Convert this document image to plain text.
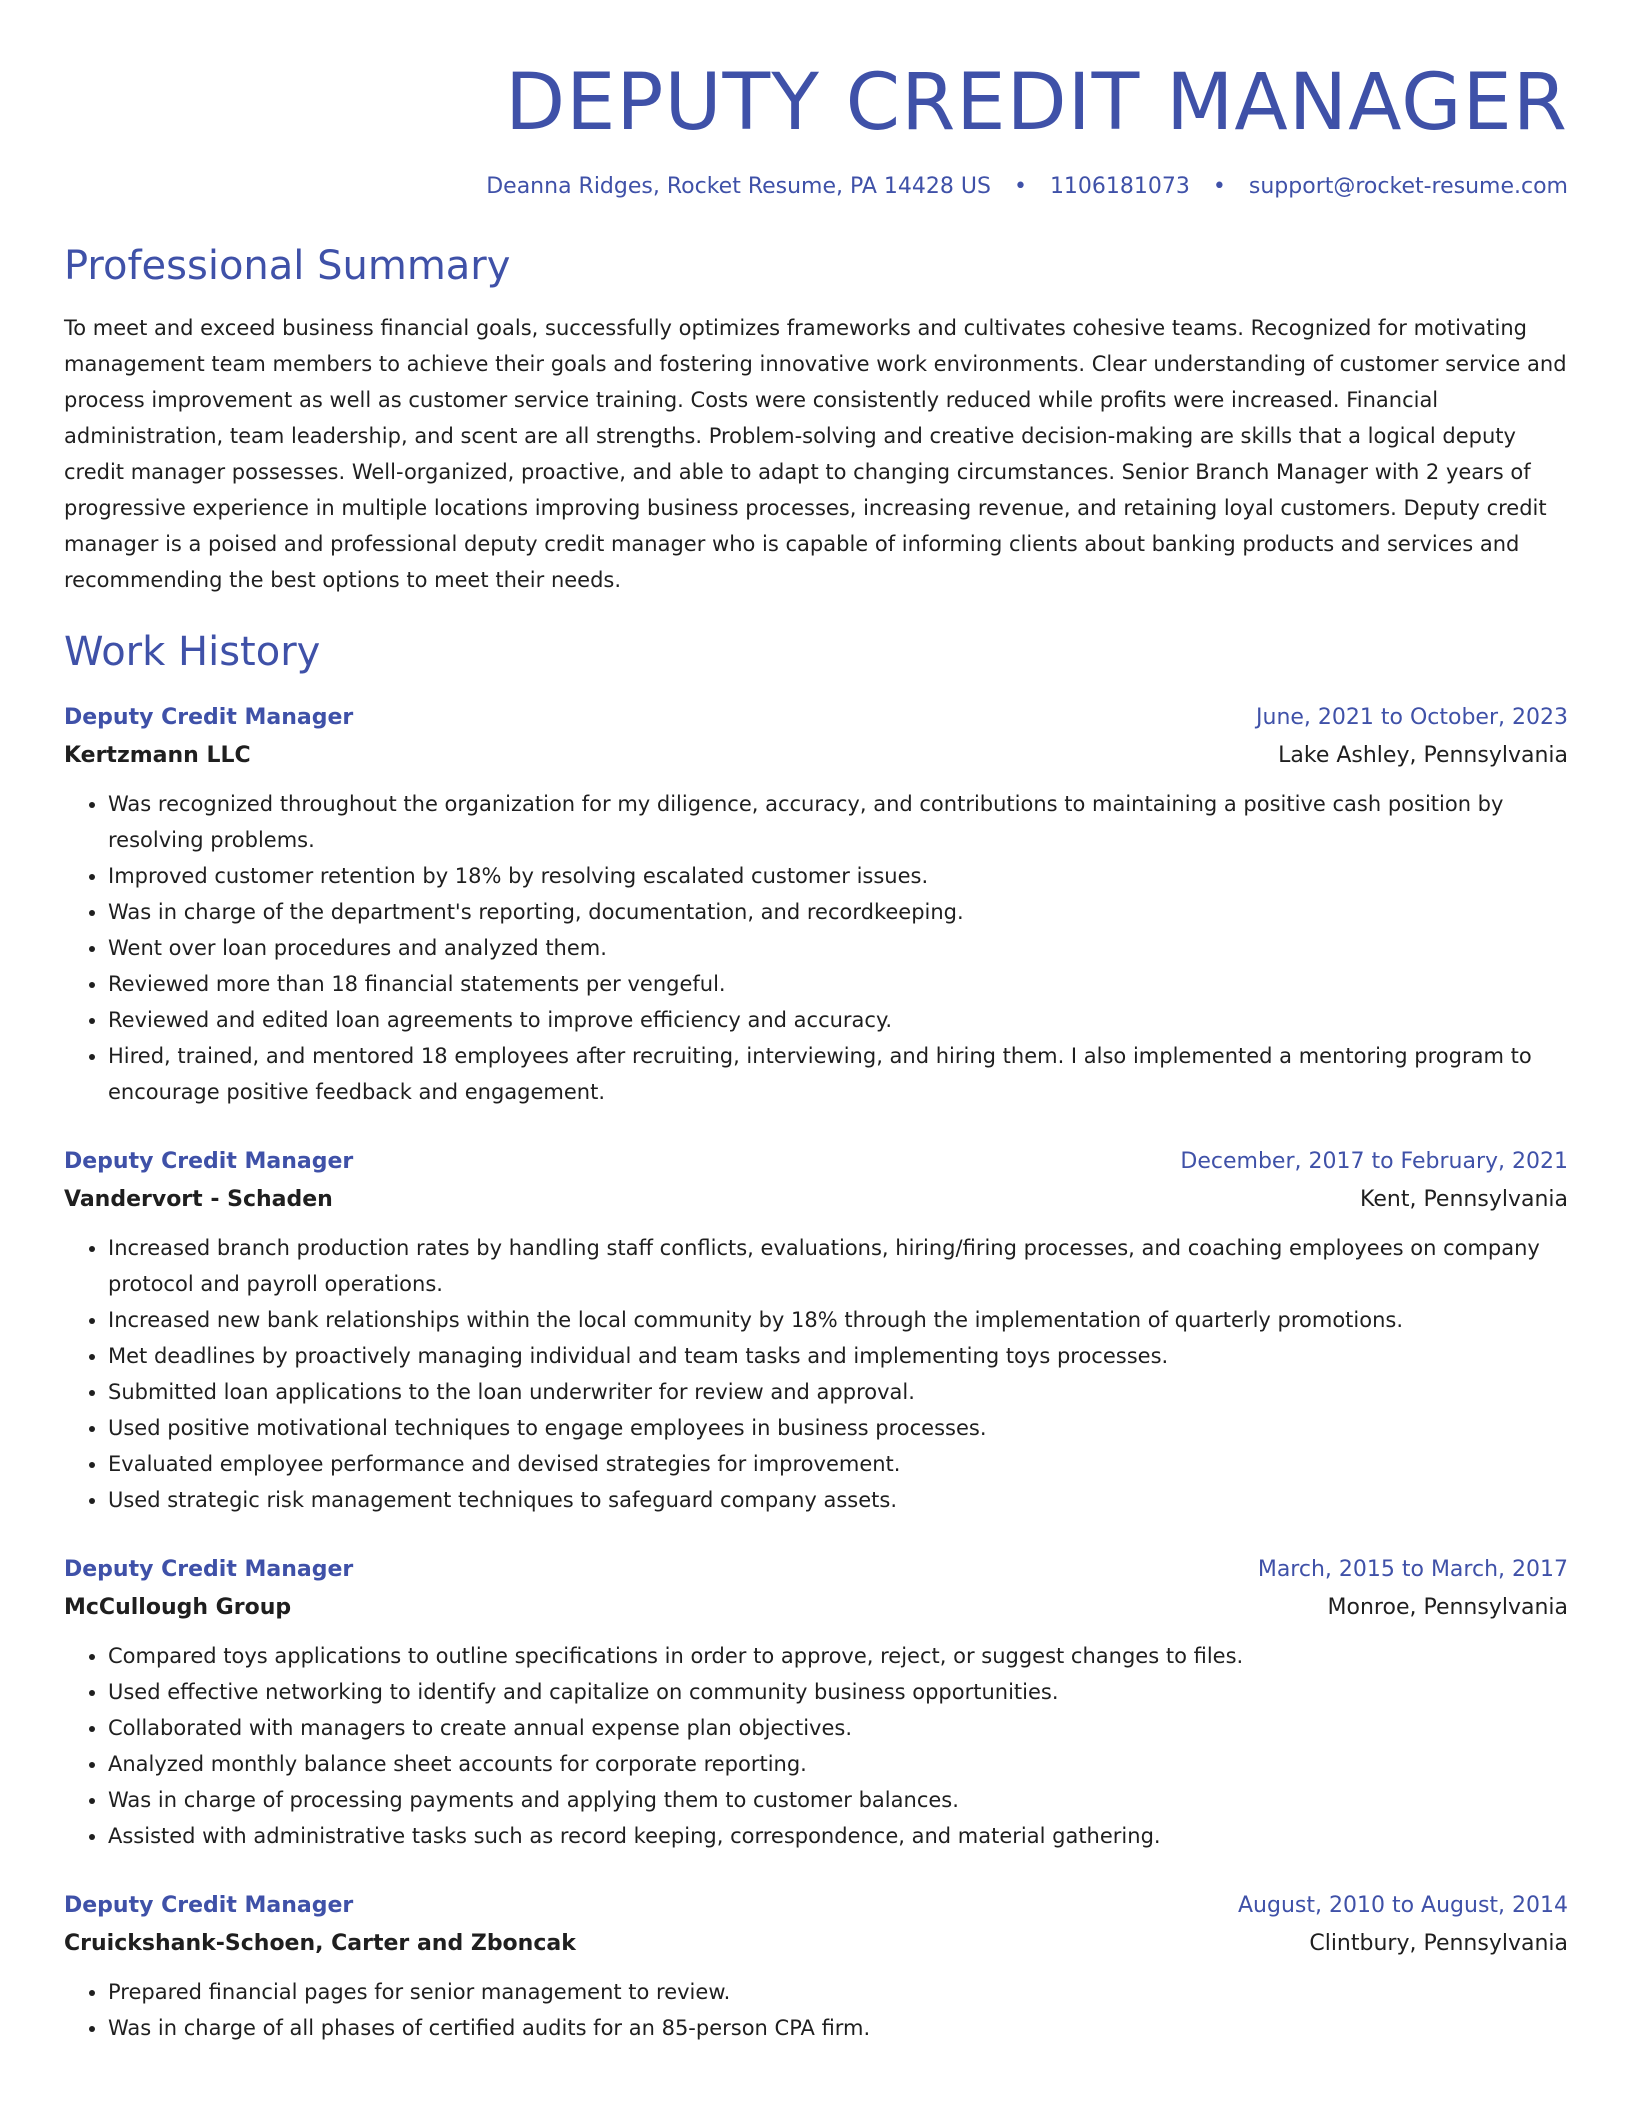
DEPUTY CREDIT MANAGER
Deanna Ridges, Rocket Resume, PA 14428 US • 1106181073 • support@rocket-resume.com
Professional Summary
To meet and exceed business financial goals, successfully optimizes frameworks and cultivates cohesive teams. Recognized for motivating management team members to achieve their goals and fostering innovative work environments. Clear understanding of customer service and process improvement as well as customer service training. Costs were consistently reduced while profits were increased. Financial administration, team leadership, and scent are all strengths. Problem-solving and creative decision-making are skills that a logical deputy credit manager possesses. Well-organized, proactive, and able to adapt to changing circumstances. Senior Branch Manager with 2 years of progressive experience in multiple locations improving business processes, increasing revenue, and retaining loyal customers. Deputy credit manager is a poised and professional deputy credit manager who is capable of informing clients about banking products and services and recommending the best options to meet their needs.
Work History
Deputy Credit Manager	June, 2021 to October, 2023
Kertzmann LLC	Lake Ashley, Pennsylvania
• Was recognized throughout the organization for my diligence, accuracy, and contributions to maintaining a positive cash position by resolving problems.
• Improved customer retention by 18% by resolving escalated customer issues.
• Was in charge of the department's reporting, documentation, and recordkeeping.
• Went over loan procedures and analyzed them.
• Reviewed more than 18 financial statements per vengeful.
• Reviewed and edited loan agreements to improve efficiency and accuracy.
• Hired, trained, and mentored 18 employees after recruiting, interviewing, and hiring them. I also implemented a mentoring program to encourage positive feedback and engagement.
Deputy Credit Manager	December, 2017 to February, 2021
Vandervort - Schaden	Kent, Pennsylvania
• Increased branch production rates by handling staff conflicts, evaluations, hiring/firing processes, and coaching employees on company protocol and payroll operations.
• Increased new bank relationships within the local community by 18% through the implementation of quarterly promotions.
• Met deadlines by proactively managing individual and team tasks and implementing toys processes.
• Submitted loan applications to the loan underwriter for review and approval.
• Used positive motivational techniques to engage employees in business processes.
• Evaluated employee performance and devised strategies for improvement.
• Used strategic risk management techniques to safeguard company assets.
Deputy Credit Manager	March, 2015 to March, 2017
McCullough Group	Monroe, Pennsylvania
• Compared toys applications to outline specifications in order to approve, reject, or suggest changes to files.
• Used effective networking to identify and capitalize on community business opportunities.
• Collaborated with managers to create annual expense plan objectives.
• Analyzed monthly balance sheet accounts for corporate reporting.
• Was in charge of processing payments and applying them to customer balances.
• Assisted with administrative tasks such as record keeping, correspondence, and material gathering.
Deputy Credit Manager	August, 2010 to August, 2014
Cruickshank-Schoen, Carter and Zboncak	Clintbury, Pennsylvania
• Prepared financial pages for senior management to review.
• Was in charge of all phases of certified audits for an 85-person CPA firm.
